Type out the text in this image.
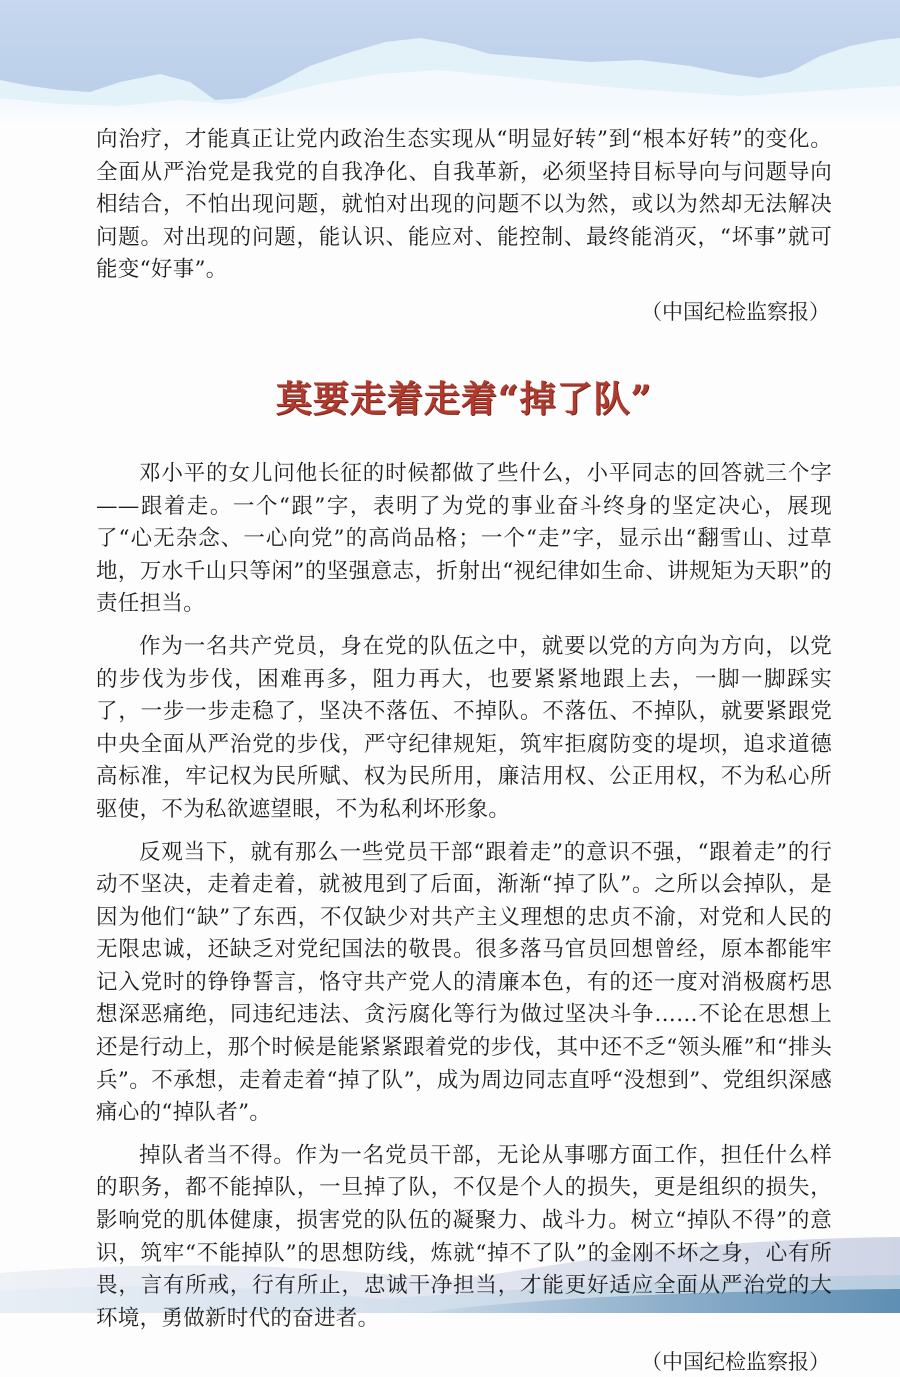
向治疗，才能真正让党内政治生态实现从“明显好转”到“根本好转”的变化。全面从严治党是我党的自我净化、自我革新，必须坚持目标导向与问题导向相结合，不怕出现问题，就怕对出现的问题不以为然，或以为然却无法解决问题。对出现的问题，能认识、能应对、能控制、最终能消灭，“坏事”就可能变“好事”。

（中国纪检监察报）
莫要走着走着“掉了队”

邓小平的女儿问他长征的时候都做了些什么，小平同志的回答就三个字——跟着走。一个“跟”字，表明了为党的事业奋斗终身的坚定决心，展现了“心无杂念、一心向党”的高尚品格；一个“走”字，显示出“翻雪山、过草地，万水千山只等闲”的坚强意志，折射出“视纪律如生命、讲规矩为天职”的责任担当。

作为一名共产党员，身在党的队伍之中，就要以党的方向为方向，以党的步伐为步伐，困难再多，阻力再大，也要紧紧地跟上去，一脚一脚踩实了，一步一步走稳了，坚决不落伍、不掉队。不落伍、不掉队，就要紧跟党中央全面从严治党的步伐，严守纪律规矩，筑牢拒腐防变的堤坝，追求道德高标准，牢记权为民所赋、权为民所用，廉洁用权、公正用权，不为私心所驱使，不为私欲遮望眼，不为私利坏形象。

反观当下，就有那么一些党员干部“跟着走”的意识不强，“跟着走”的行动不坚决，走着走着，就被甩到了后面，渐渐“掉了队”。之所以会掉队，是因为他们“缺”了东西，不仅缺少对共产主义理想的忠贞不渝，对党和人民的无限忠诚，还缺乏对党纪国法的敬畏。很多落马官员回想曾经，原本都能牢记入党时的铮铮誓言，恪守共产党人的清廉本色，有的还一度对消极腐朽思想深恶痛绝，同违纪违法、贪污腐化等行为做过坚决斗争……不论在思想上还是行动上，那个时候是能紧紧跟着党的步伐，其中还不乏“领头雁”和“排头兵”。不承想，走着走着“掉了队”，成为周边同志直呼“没想到”、党组织深感痛心的“掉队者”。

掉队者当不得。作为一名党员干部，无论从事哪方面工作，担任什么样的职务，都不能掉队，一旦掉了队，不仅是个人的损失，更是组织的损失，影响党的肌体健康，损害党的队伍的凝聚力、战斗力。树立“掉队不得”的意识，筑牢“不能掉队”的思想防线，炼就“掉不了队”的金刚不坏之身，心有所畏，言有所戒，行有所止，忠诚干净担当，才能更好适应全面从严治党的大环境，勇做新时代的奋进者。

（中国纪检监察报）
